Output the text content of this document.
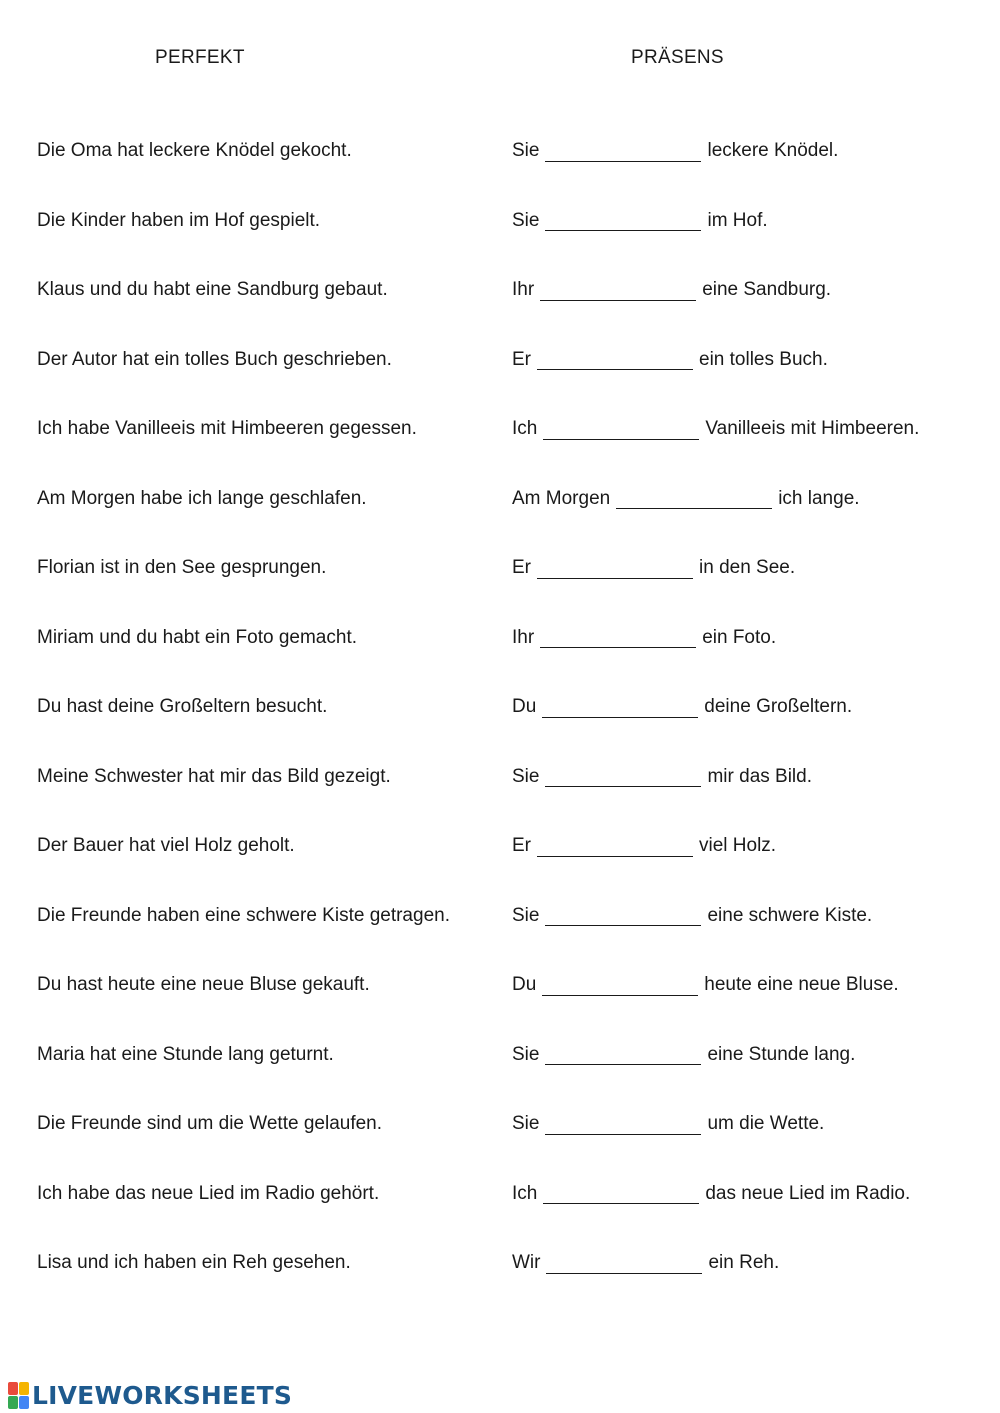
PERFEKT	PRÄSENS
Die Oma hat leckere Knödel gekocht.	Sie	leckere Knödel.
Die Kinder haben im Hof gespielt.	Sie	im Hof.
Klaus und du habt eine Sandburg gebaut.	Ihr	eine Sandburg.
Der Autor hat ein tolles Buch geschrieben.	Er	ein tolles Buch.
Ich habe Vanilleeis mit Himbeeren gegessen.	Ich	Vanilleeis mit Himbeeren.
Am Morgen habe ich lange geschlafen.	Am Morgen	ich lange.
Florian ist in den See gesprungen.	Er	in den See.
Miriam und du habt ein Foto gemacht.	Ihr	ein Foto.
Du hast deine Großeltern besucht.	Du	deine Großeltern.
Meine Schwester hat mir das Bild gezeigt.	Sie	mir das Bild.
Der Bauer hat viel Holz geholt.	Er	viel Holz.
Die Freunde haben eine schwere Kiste getragen.	Sie	eine schwere Kiste.
Du hast heute eine neue Bluse gekauft.	Du	heute eine neue Bluse.
Maria hat eine Stunde lang geturnt.	Sie	eine Stunde lang.
Die Freunde sind um die Wette gelaufen.	Sie	um die Wette.
Ich habe das neue Lied im Radio gehört.	Ich	das neue Lied im Radio.
Lisa und ich haben ein Reh gesehen.	Wir	ein Reh.
LIVEWORKSHEETS
